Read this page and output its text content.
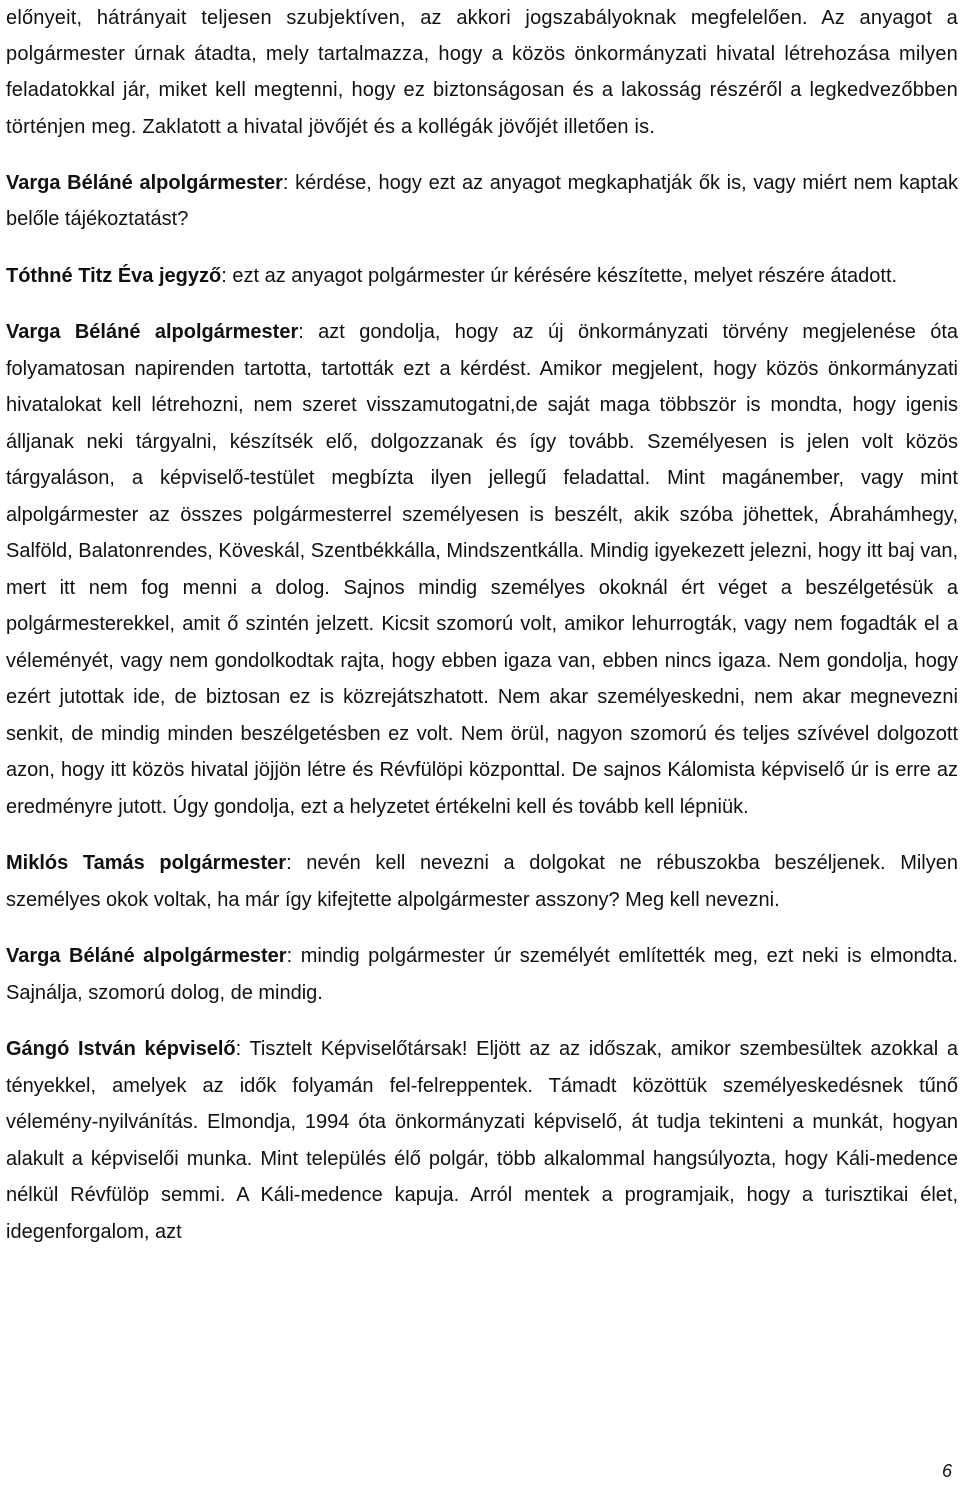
előnyeit, hátrányait teljesen szubjektíven, az akkori jogszabályoknak megfelelően. Az anyagot a polgármester úrnak átadta, mely tartalmazza, hogy a közös önkormányzati hivatal létrehozása milyen feladatokkal jár, miket kell megtenni, hogy ez biztonságosan és a lakosság részéről a legkedvezőbben történjen meg. Zaklatott a hivatal jövőjét és a kollégák jövőjét illetően is.

Varga Béláné alpolgármester: kérdése, hogy ezt az anyagot megkaphatják ők is, vagy miért nem kaptak belőle tájékoztatást?

Tóthné Titz Éva jegyző: ezt az anyagot polgármester úr kérésére készítette, melyet részére átadott.

Varga Béláné alpolgármester: azt gondolja, hogy az új önkormányzati törvény megjelenése óta folyamatosan napirenden tartotta, tartották ezt a kérdést. Amikor megjelent, hogy közös önkormányzati hivatalokat kell létrehozni, nem szeret visszamutogatni,de saját maga többször is mondta, hogy igenis álljanak neki tárgyalni, készítsék elő, dolgozzanak és így tovább. Személyesen is jelen volt közös tárgyaláson, a képviselő-testület megbízta ilyen jellegű feladattal. Mint magánember, vagy mint alpolgármester az összes polgármesterrel személyesen is beszélt, akik szóba jöhettek, Ábrahámhegy, Salföld, Balatonrendes, Köveskál, Szentbékkálla, Mindszentkálla. Mindig igyekezett jelezni, hogy itt baj van, mert itt nem fog menni a dolog. Sajnos mindig személyes okoknál ért véget a beszélgetésük a polgármesterekkel, amit ő szintén jelzett. Kicsit szomorú volt, amikor lehurrogták, vagy nem fogadták el a véleményét, vagy nem gondolkodtak rajta, hogy ebben igaza van, ebben nincs igaza. Nem gondolja, hogy ezért jutottak ide, de biztosan ez is közrejátszhatott. Nem akar személyeskedni, nem akar megnevezni senkit, de mindig minden beszélgetésben ez volt. Nem örül, nagyon szomorú és teljes szívével dolgozott azon, hogy itt közös hivatal jöjjön létre és Révfülöpi központtal. De sajnos Kálomista képviselő úr is erre az eredményre jutott. Úgy gondolja, ezt a helyzetet értékelni kell és tovább kell lépniük.

Miklós Tamás polgármester: nevén kell nevezni a dolgokat ne rébuszokba beszéljenek. Milyen személyes okok voltak, ha már így kifejtette alpolgármester asszony? Meg kell nevezni.

Varga Béláné alpolgármester: mindig polgármester úr személyét említették meg, ezt neki is elmondta. Sajnálja, szomorú dolog, de mindig.

Gángó István képviselő: Tisztelt Képviselőtársak! Eljött az az időszak, amikor szembesültek azokkal a tényekkel, amelyek az idők folyamán fel-felreppentek. Támadt közöttük személyeskedésnek tűnő vélemény-nyilvánítás. Elmondja, 1994 óta önkormányzati képviselő, át tudja tekinteni a munkát, hogyan alakult a képviselői munka. Mint település élő polgár, több alkalommal hangsúlyozta, hogy Káli-medence nélkül Révfülöp semmi. A Káli-medence kapuja. Arról mentek a programjaik, hogy a turisztikai élet, idegenforgalom, azt

6
